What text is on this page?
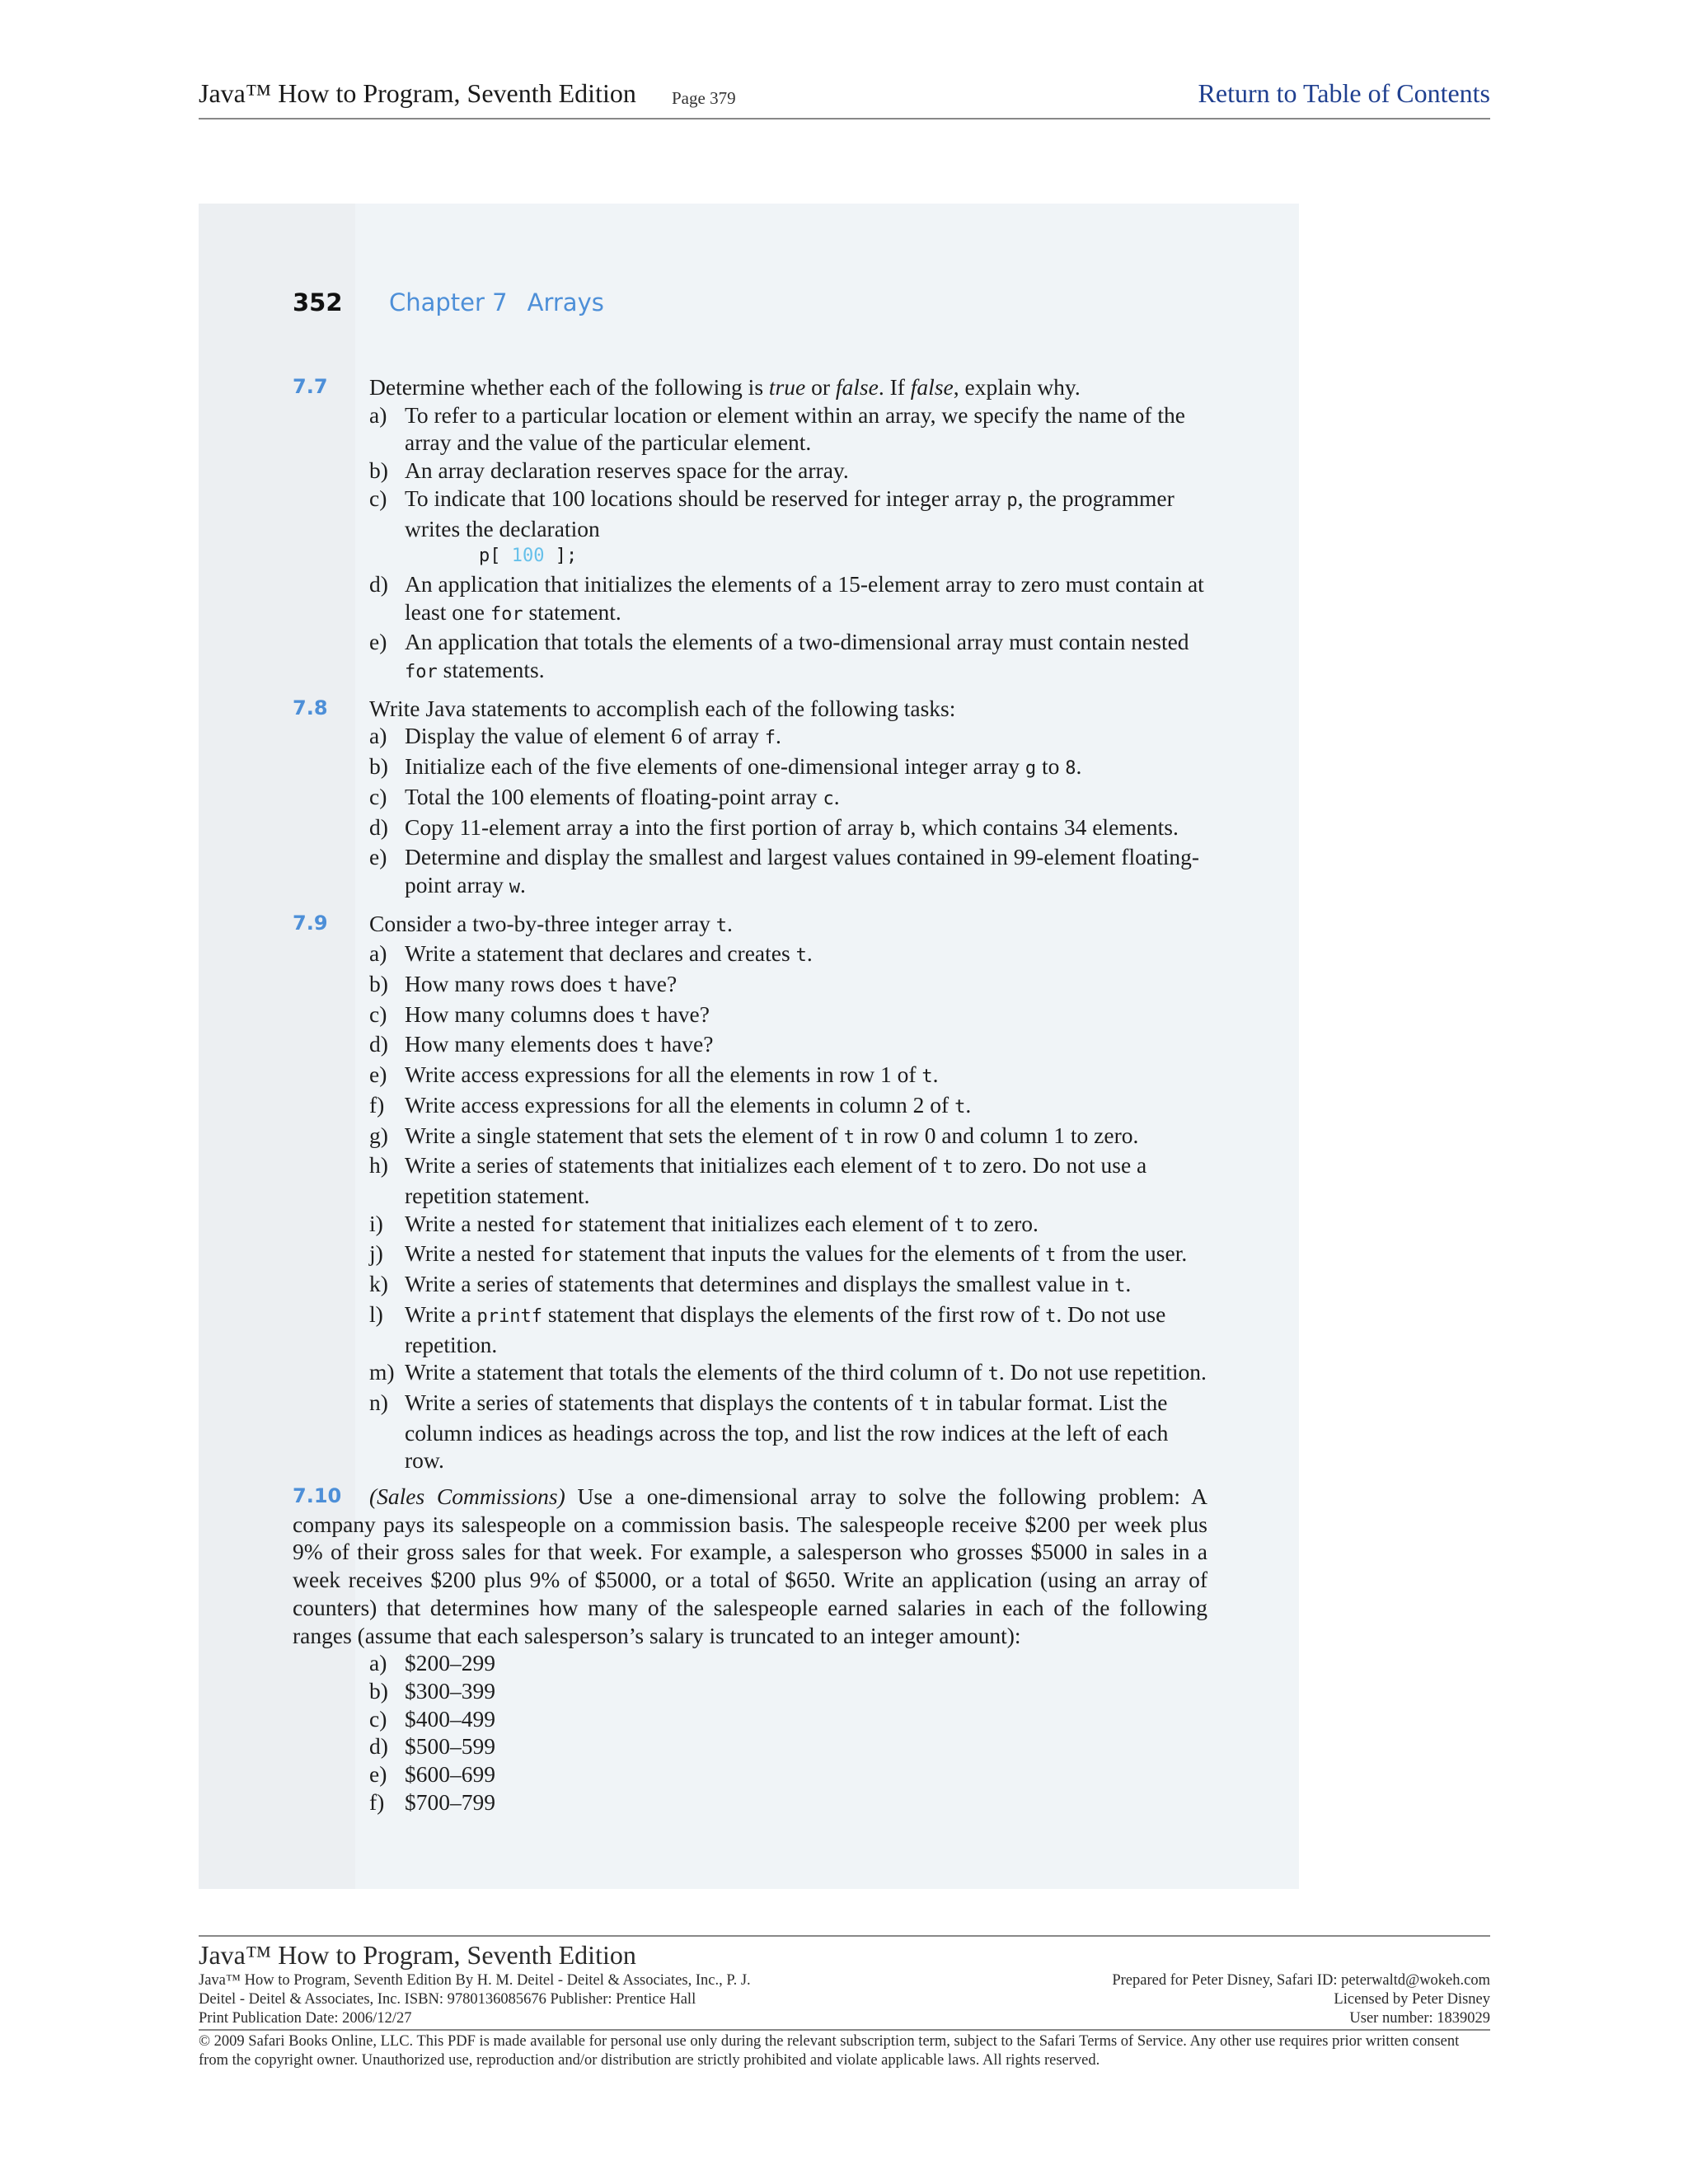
Java™ How to Program, Seventh Edition Page 379	Return to Table of Contents
352 Chapter 7 Arrays
7.7 Determine whether each of the following is true or false. If false, explain why.
a) To refer to a particular location or element within an array, we specify the name of the array and the value of the particular element.
b) An array declaration reserves space for the array.
c) To indicate that 100 locations should be reserved for integer array p, the programmer writes the declaration
p[ 100 ];
d) An application that initializes the elements of a 15-element array to zero must contain at least one for statement.
e) An application that totals the elements of a two-dimensional array must contain nested for statements.
7.8 Write Java statements to accomplish each of the following tasks:
a) Display the value of element 6 of array f.
b) Initialize each of the five elements of one-dimensional integer array g to 8.
c) Total the 100 elements of floating-point array c.
d) Copy 11-element array a into the first portion of array b, which contains 34 elements.
e) Determine and display the smallest and largest values contained in 99-element floating-point array w.
7.9 Consider a two-by-three integer array t.
a) Write a statement that declares and creates t.
b) How many rows does t have?
c) How many columns does t have?
d) How many elements does t have?
e) Write access expressions for all the elements in row 1 of t.
f) Write access expressions for all the elements in column 2 of t.
g) Write a single statement that sets the element of t in row 0 and column 1 to zero.
h) Write a series of statements that initializes each element of t to zero. Do not use a repetition statement.
i) Write a nested for statement that initializes each element of t to zero.
j) Write a nested for statement that inputs the values for the elements of t from the user.
k) Write a series of statements that determines and displays the smallest value in t.
l) Write a printf statement that displays the elements of the first row of t. Do not use repetition.
m) Write a statement that totals the elements of the third column of t. Do not use repetition.
n) Write a series of statements that displays the contents of t in tabular format. List the column indices as headings across the top, and list the row indices at the left of each row.
7.10 (Sales Commissions) Use a one-dimensional array to solve the following problem: A company pays its salespeople on a commission basis. The salespeople receive $200 per week plus 9% of their gross sales for that week. For example, a salesperson who grosses $5000 in sales in a week receives $200 plus 9% of $5000, or a total of $650. Write an application (using an array of counters) that determines how many of the salespeople earned salaries in each of the following ranges (assume that each salesperson’s salary is truncated to an integer amount):
a) $200–299
b) $300–399
c) $400–499
d) $500–599
e) $600–699
f) $700–799
Java™ How to Program, Seventh Edition
Java™ How to Program, Seventh Edition By H. M. Deitel - Deitel & Associates, Inc., P. J.
Deitel - Deitel & Associates, Inc. ISBN: 9780136085676 Publisher: Prentice Hall
Print Publication Date: 2006/12/27
Prepared for Peter Disney, Safari ID: peterwaltd@wokeh.com
Licensed by Peter Disney
User number: 1839029
© 2009 Safari Books Online, LLC. This PDF is made available for personal use only during the relevant subscription term, subject to the Safari Terms of Service. Any other use requires prior written consent from the copyright owner. Unauthorized use, reproduction and/or distribution are strictly prohibited and violate applicable laws. All rights reserved.
